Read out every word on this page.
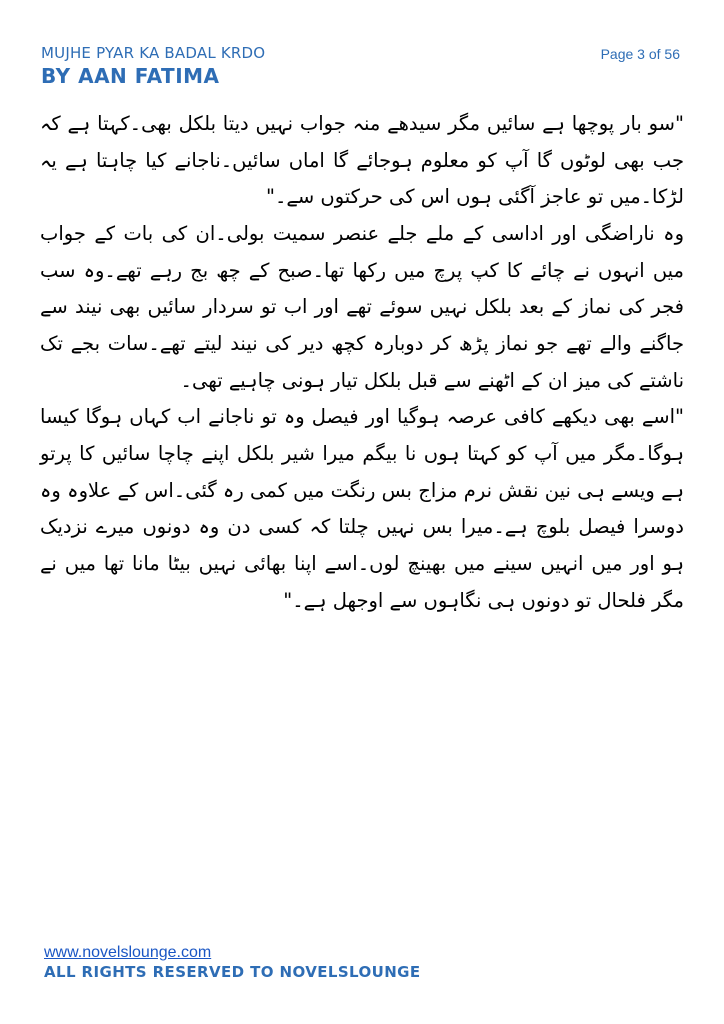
MUJHE PYAR KA BADAL KRDO
BY AAN FATIMA
Page 3 of 56

"سو بار پوچھا ہے سائیں مگر سیدھے منہ جواب نہیں دیتا بلکل بھی۔کہتا ہے کہ جب بھی لوٹوں گا آپ کو معلوم ہوجائے گا اماں سائیں۔ناجانے کیا چاہتا ہے یہ لڑکا۔میں تو عاجز آگئی ہوں اس کی حرکتوں سے۔"

وہ ناراضگی اور اداسی کے ملے جلے عنصر سمیت بولی۔ان کی بات کے جواب میں انہوں نے چائے کا کپ پرچ میں رکھا تھا۔صبح کے چھ بج رہے تھے۔وہ سب فجر کی نماز کے بعد بلکل نہیں سوئے تھے اور اب تو سردار سائیں بھی نیند سے جاگنے والے تھے جو نماز پڑھ کر دوبارہ کچھ دیر کی نیند لیتے تھے۔سات بجے تک ناشتے کی میز ان کے اٹھنے سے قبل بلکل تیار ہونی چاہیے تھی۔

"اسے بھی دیکھے کافی عرصہ ہوگیا اور فیصل وہ تو ناجانے اب کہاں ہوگا کیسا ہوگا۔مگر میں آپ کو کہتا ہوں نا بیگم میرا شیر بلکل اپنے چاچا سائیں کا پرتو ہے ویسے ہی نین نقش نرم مزاج بس رنگت میں کمی رہ گئی۔اس کے علاوہ وہ دوسرا فیصل بلوچ ہے۔میرا بس نہیں چلتا کہ کسی دن وہ دونوں میرے نزدیک ہو اور میں انہیں سینے میں بھینچ لوں۔اسے اپنا بھائی نہیں بیٹا مانا تھا میں نے مگر فلحال تو دونوں ہی نگاہوں سے اوجھل ہے۔"

www.novelslounge.com
ALL RIGHTS RESERVED TO NOVELSLOUNGE
